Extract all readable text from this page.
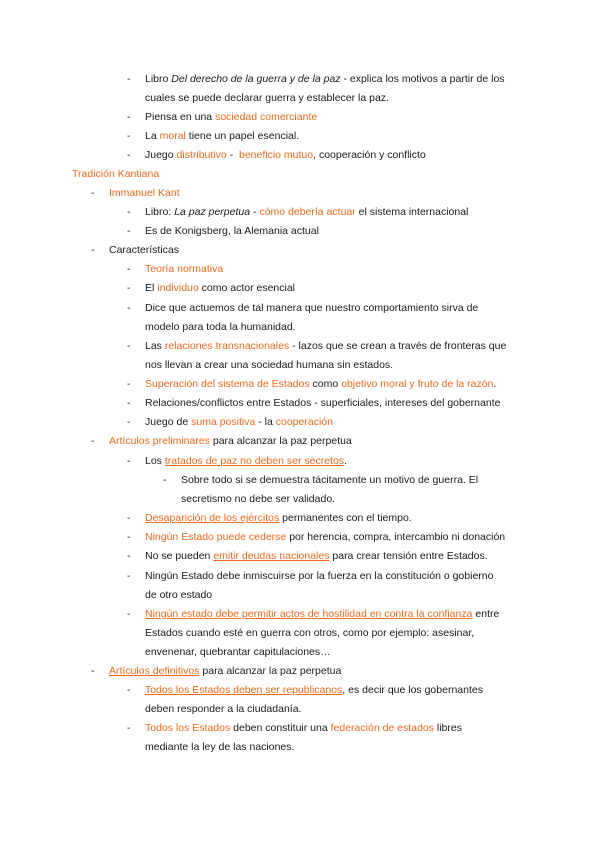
- Libro Del derecho de la guerra y de la paz - explica los motivos a partir de los
cuales se puede declarar guerra y establecer la paz.
- Piensa en una sociedad comerciante
- La moral tiene un papel esencial.
- Juego distributivo -  beneficio mutuo, cooperación y conflicto
Tradición Kantiana
- Immanuel Kant
- Libro: La paz perpetua - cómo debería actuar el sistema internacional
- Es de Konigsberg, la Alemania actual
- Características
- Teoría normativa
- El individuo como actor esencial
- Dice que actuemos de tal manera que nuestro comportamiento sirva de
modelo para toda la humanidad.
- Las relaciones transnacionales - lazos que se crean a través de fronteras que
nos llevan a crear una sociedad humana sin estados.
- Superación del sistema de Estados como objetivo moral y fruto de la razón.
- Relaciones/conflictos entre Estados - superficiales, intereses del gobernante
- Juego de suma positiva - la cooperación
- Artículos preliminares para alcanzar la paz perpetua
- Los tratados de paz no deben ser secretos.
- Sobre todo si se demuestra tácitamente un motivo de guerra. El
secretismo no debe ser validado.
- Desaparición de los ejércitos permanentes con el tiempo.
- Ningún Estado puede cederse por herencia, compra, intercambio ni donación
- No se pueden emitir deudas nacionales para crear tensión entre Estados.
- Ningún Estado debe inmiscuirse por la fuerza en la constitución o gobierno
de otro estado
- Ningún estado debe permitir actos de hostilidad en contra la confianza entre
Estados cuando esté en guerra con otros, como por ejemplo: asesinar,
envenenar, quebrantar capitulaciones…
- Artículos definitivos para alcanzar la paz perpetua
- Todos los Estados deben ser republicanos, es decir que los gobernantes
deben responder a la ciudadanía.
- Todos los Estados deben constituir una federación de estados libres
mediante la ley de las naciones.
